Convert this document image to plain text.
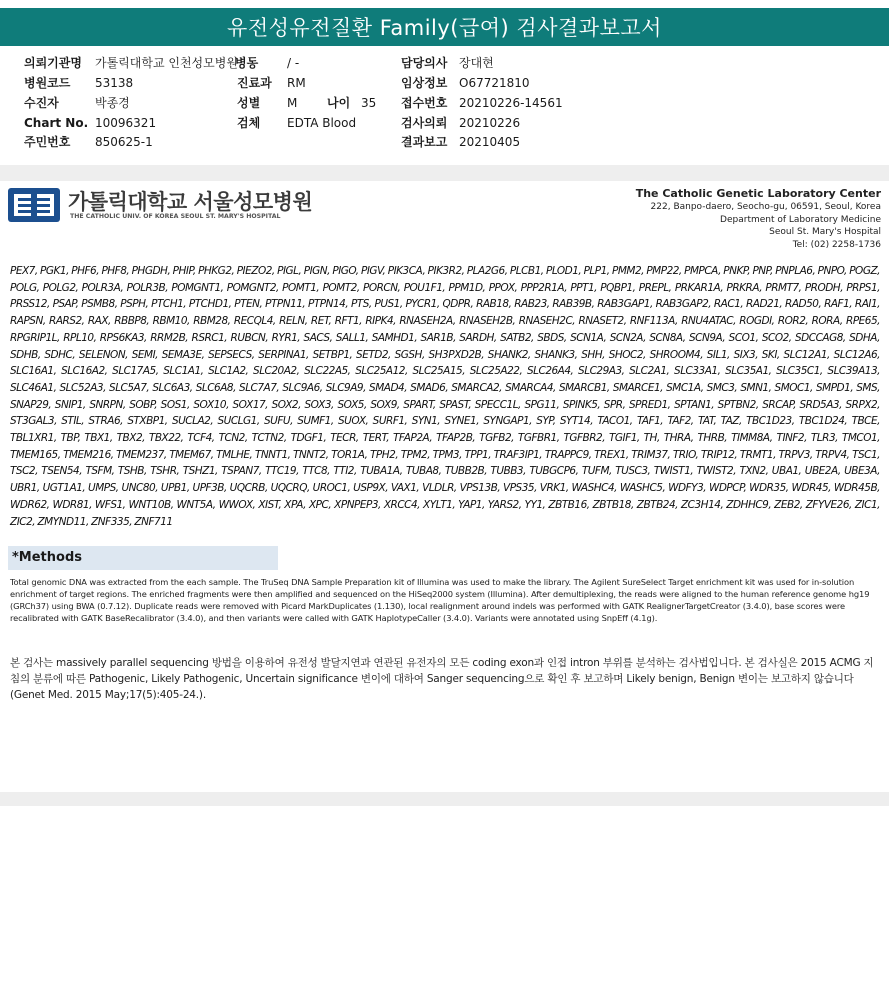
유전성유전질환 Family(급여) 검사결과보고서
의뢰기관명 가톨릭대학교 인천성모병원
병원코드 53138
수진자	박종경
Chart No. 10096321
주민번호 850625-1
병동 / -
진료과 RM
성별 M 나이 35
검체 EDTA Blood
담당의사 장대현
임상정보 O67721810
접수번호 20210226-14561
검사의뢰 20210226
결과보고 20210405
가톨릭대학교 서울성모병원
THE CATHOLIC UNIV. OF KOREA SEOUL ST. MARY'S HOSPITAL
The Catholic Genetic Laboratory Center
222, Banpo-daero, Seocho-gu, 06591, Seoul, Korea
Department of Laboratory Medicine
Seoul St. Mary's Hospital
Tel: (02) 2258-1736
PEX7, PGK1, PHF6, PHF8, PHGDH, PHIP, PHKG2, PIEZO2, PIGL, PIGN, PIGO, PIGV, PIK3CA, PIK3R2, PLA2G6, PLCB1, PLOD1, PLP1, PMM2, PMP22, PMPCA, PNKP, PNP, PNPLA6, PNPO, POGZ, POLG, POLG2, POLR3A, POLR3B, POMGNT1, POMGNT2, POMT1, POMT2, PORCN, POU1F1, PPM1D, PPOX, PPP2R1A, PPT1, PQBP1, PREPL, PRKAR1A, PRKRA, PRMT7, PRODH, PRPS1, PRSS12, PSAP, PSMB8, PSPH, PTCH1, PTCHD1, PTEN, PTPN11, PTPN14, PTS, PUS1, PYCR1, QDPR, RAB18, RAB23, RAB39B, RAB3GAP1, RAB3GAP2, RAC1, RAD21, RAD50, RAF1, RAI1, RAPSN, RARS2, RAX, RBBP8, RBM10, RBM28, RECQL4, RELN, RET, RFT1, RIPK4, RNASEH2A, RNASEH2B, RNASEH2C, RNASET2, RNF113A, RNU4ATAC, ROGDI, ROR2, RORA, RPE65, RPGRIP1L, RPL10, RPS6KA3, RRM2B, RSRC1, RUBCN, RYR1, SACS, SALL1, SAMHD1, SAR1B, SARDH, SATB2, SBDS, SCN1A, SCN2A, SCN8A, SCN9A, SCO1, SCO2, SDCCAG8, SDHA, SDHB, SDHC, SELENON, SEMI, SEMA3E, SEPSECS, SERPINA1, SETBP1, SETD2, SGSH, SH3PXD2B, SHANK2, SHANK3, SHH, SHOC2, SHROOM4, SIL1, SIX3, SKI, SLC12A1, SLC12A6, SLC16A1, SLC16A2, SLC17A5, SLC1A1, SLC1A2, SLC20A2, SLC22A5, SLC25A12, SLC25A15, SLC25A22, SLC26A4, SLC29A3, SLC2A1, SLC33A1, SLC35A1, SLC35C1, SLC39A13, SLC46A1, SLC52A3, SLC5A7, SLC6A3, SLC6A8, SLC7A7, SLC9A6, SLC9A9, SMAD4, SMAD6, SMARCA2, SMARCA4, SMARCB1, SMARCE1, SMC1A, SMC3, SMN1, SMOC1, SMPD1, SMS, SNAP29, SNIP1, SNRPN, SOBP, SOS1, SOX10, SOX17, SOX2, SOX3, SOX5, SOX9, SPART, SPAST, SPECC1L, SPG11, SPINK5, SPR, SPRED1, SPTAN1, SPTBN2, SRCAP, SRD5A3, SRPX2, ST3GAL3, STIL, STRA6, STXBP1, SUCLA2, SUCLG1, SUFU, SUMF1, SUOX, SURF1, SYN1, SYNE1, SYNGAP1, SYP, SYT14, TACO1, TAF1, TAF2, TAT, TAZ, TBC1D23, TBC1D24, TBCE, TBL1XR1, TBP, TBX1, TBX2, TBX22, TCF4, TCN2, TCTN2, TDGF1, TECR, TERT, TFAP2A, TFAP2B, TGFB2, TGFBR1, TGFBR2, TGIF1, TH, THRA, THRB, TIMM8A, TINF2, TLR3, TMCO1, TMEM165, TMEM216, TMEM237, TMEM67, TMLHE, TNNT1, TNNT2, TOR1A, TPH2, TPM2, TPM3, TPP1, TRAF3IP1, TRAPPC9, TREX1, TRIM37, TRIO, TRIP12, TRMT1, TRPV3, TRPV4, TSC1, TSC2, TSEN54, TSFM, TSHB, TSHR, TSHZ1, TSPAN7, TTC19, TTC8, TTI2, TUBA1A, TUBA8, TUBB2B, TUBB3, TUBGCP6, TUFM, TUSC3, TWIST1, TWIST2, TXN2, UBA1, UBE2A, UBE3A, UBR1, UGT1A1, UMPS, UNC80, UPB1, UPF3B, UQCRB, UQCRQ, UROC1, USP9X, VAX1, VLDLR, VPS13B, VPS35, VRK1, WASHC4, WASHC5, WDFY3, WDPCP, WDR35, WDR45, WDR45B, WDR62, WDR81, WFS1, WNT10B, WNT5A, WWOX, XIST, XPA, XPC, XPNPEP3, XRCC4, XYLT1, YAP1, YARS2, YY1, ZBTB16, ZBTB18, ZBTB24, ZC3H14, ZDHHC9, ZEB2, ZFYVE26, ZIC1, ZIC2, ZMYND11, ZNF335, ZNF711
*Methods
Total genomic DNA was extracted from the each sample. The TruSeq DNA Sample Preparation kit of Illumina was used to make the library. The Agilent SureSelect Target enrichment kit was used for in-solution enrichment of target regions. The enriched fragments were then amplified and sequenced on the HiSeq2000 system (Illumina). After demultiplexing, the reads were aligned to the human reference genome hg19 (GRCh37) using BWA (0.7.12). Duplicate reads were removed with Picard MarkDuplicates (1.130), local realignment around indels was performed with GATK RealignerTargetCreator (3.4.0), base scores were recalibrated with GATK BaseRecalibrator (3.4.0), and then variants were called with GATK HaplotypeCaller (3.4.0). Variants were annotated using SnpEff (4.1g).
본 검사는 massively parallel sequencing 방법을 이용하여 유전성 발달지연과 연관된 유전자의 모든 coding exon과 인접 intron 부위를 분석하는 검사법입니다. 본 검사실은 2015 ACMG 지침의 분류에 따른 Pathogenic, Likely Pathogenic, Uncertain significance 변이에 대하여 Sanger sequencing으로 확인 후 보고하며 Likely benign, Benign 변이는 보고하지 않습니다(Genet Med. 2015 May;17(5):405-24.).
